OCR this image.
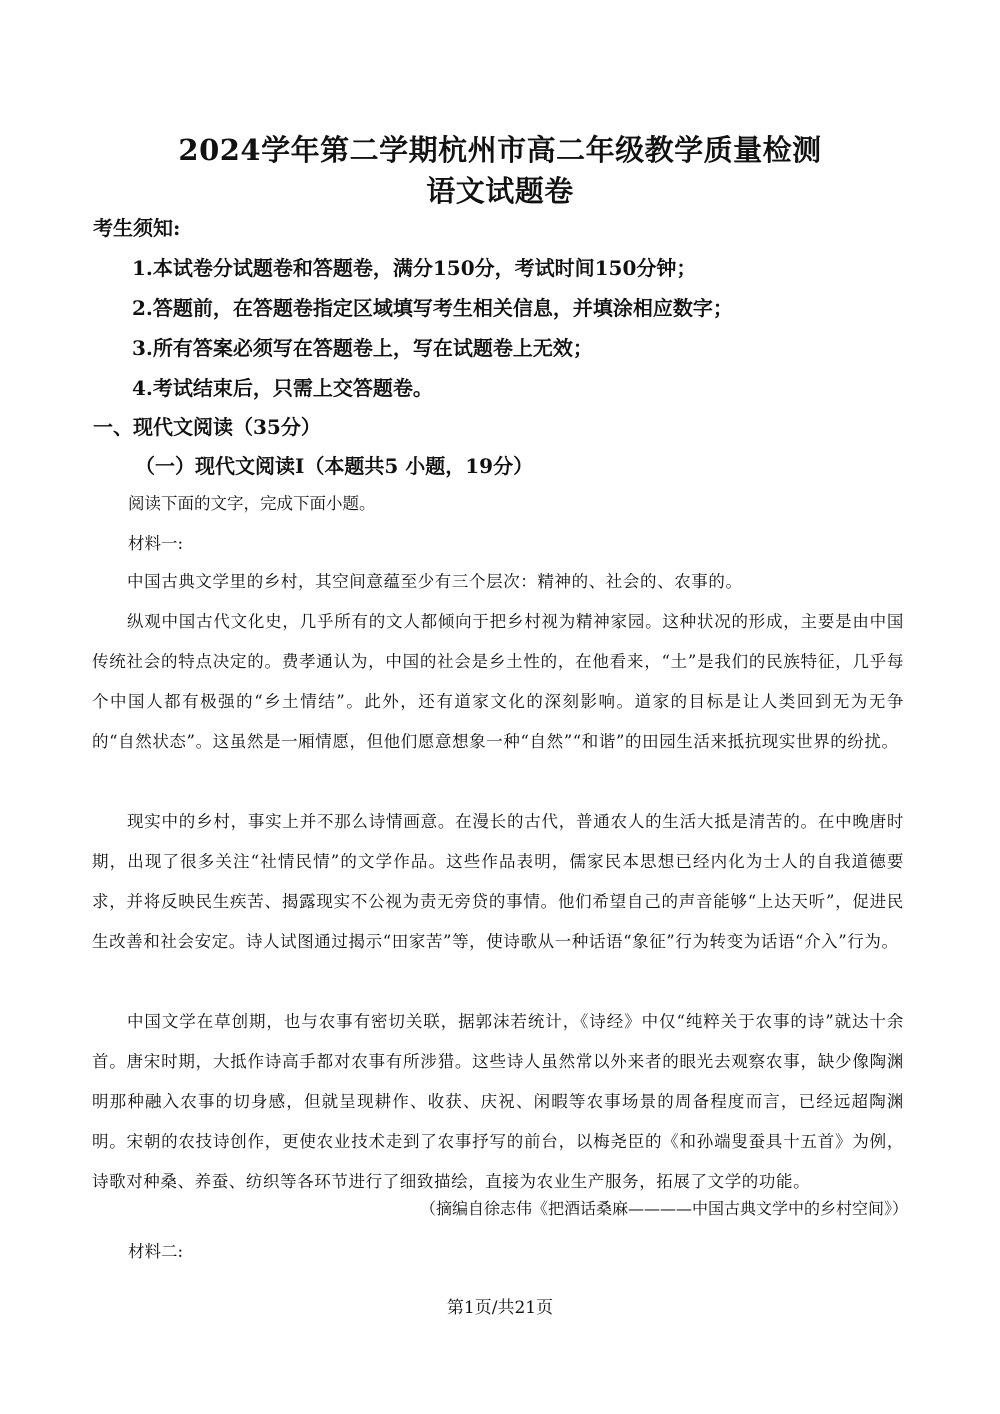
2024学年第二学期杭州市高二年级教学质量检测
语文试题卷
考生须知:
1.本试卷分试题卷和答题卷，满分150分，考试时间150分钟；
2.答题前，在答题卷指定区域填写考生相关信息，并填涂相应数字；
3.所有答案必须写在答题卷上，写在试题卷上无效；
4.考试结束后，只需上交答题卷。
一、现代文阅读（35分）
（一）现代文阅读Ⅰ（本题共5 小题，19分）
阅读下面的文字，完成下面小题。
材料一:
中国古典文学里的乡村，其空间意蕴至少有三个层次：精神的、社会的、农事的。
纵观中国古代文化史，几乎所有的文人都倾向于把乡村视为精神家园。这种状况的形成，主要是由中国传统社会的特点决定的。费孝通认为，中国的社会是乡土性的，在他看来，“土”是我们的民族特征，几乎每个中国人都有极强的“乡土情结”。此外，还有道家文化的深刻影响。道家的目标是让人类回到无为无争的“自然状态”。这虽然是一厢情愿，但他们愿意想象一种“自然”“和谐”的田园生活来抵抗现实世界的纷扰。
现实中的乡村，事实上并不那么诗情画意。在漫长的古代，普通农人的生活大抵是清苦的。在中晚唐时期，出现了很多关注“社情民情”的文学作品。这些作品表明，儒家民本思想已经内化为士人的自我道德要求，并将反映民生疾苦、揭露现实不公视为责无旁贷的事情。他们希望自己的声音能够“上达天听”，促进民生改善和社会安定。诗人试图通过揭示“田家苦”等，使诗歌从一种话语“象征”行为转变为话语“介入”行为。
中国文学在草创期，也与农事有密切关联，据郭沫若统计，《诗经》中仅“纯粹关于农事的诗”就达十余首。唐宋时期，大抵作诗高手都对农事有所涉猎。这些诗人虽然常以外来者的眼光去观察农事，缺少像陶渊明那种融入农事的切身感，但就呈现耕作、收获、庆祝、闲暇等农事场景的周备程度而言，已经远超陶渊明。宋朝的农技诗创作，更使农业技术走到了农事抒写的前台，以梅尧臣的《和孙端叟蚕具十五首》为例，诗歌对种桑、养蚕、纺织等各环节进行了细致描绘，直接为农业生产服务，拓展了文学的功能。
（摘编自徐志伟《把酒话桑麻————中国古典文学中的乡村空间》）
材料二:
第1页/共21页
